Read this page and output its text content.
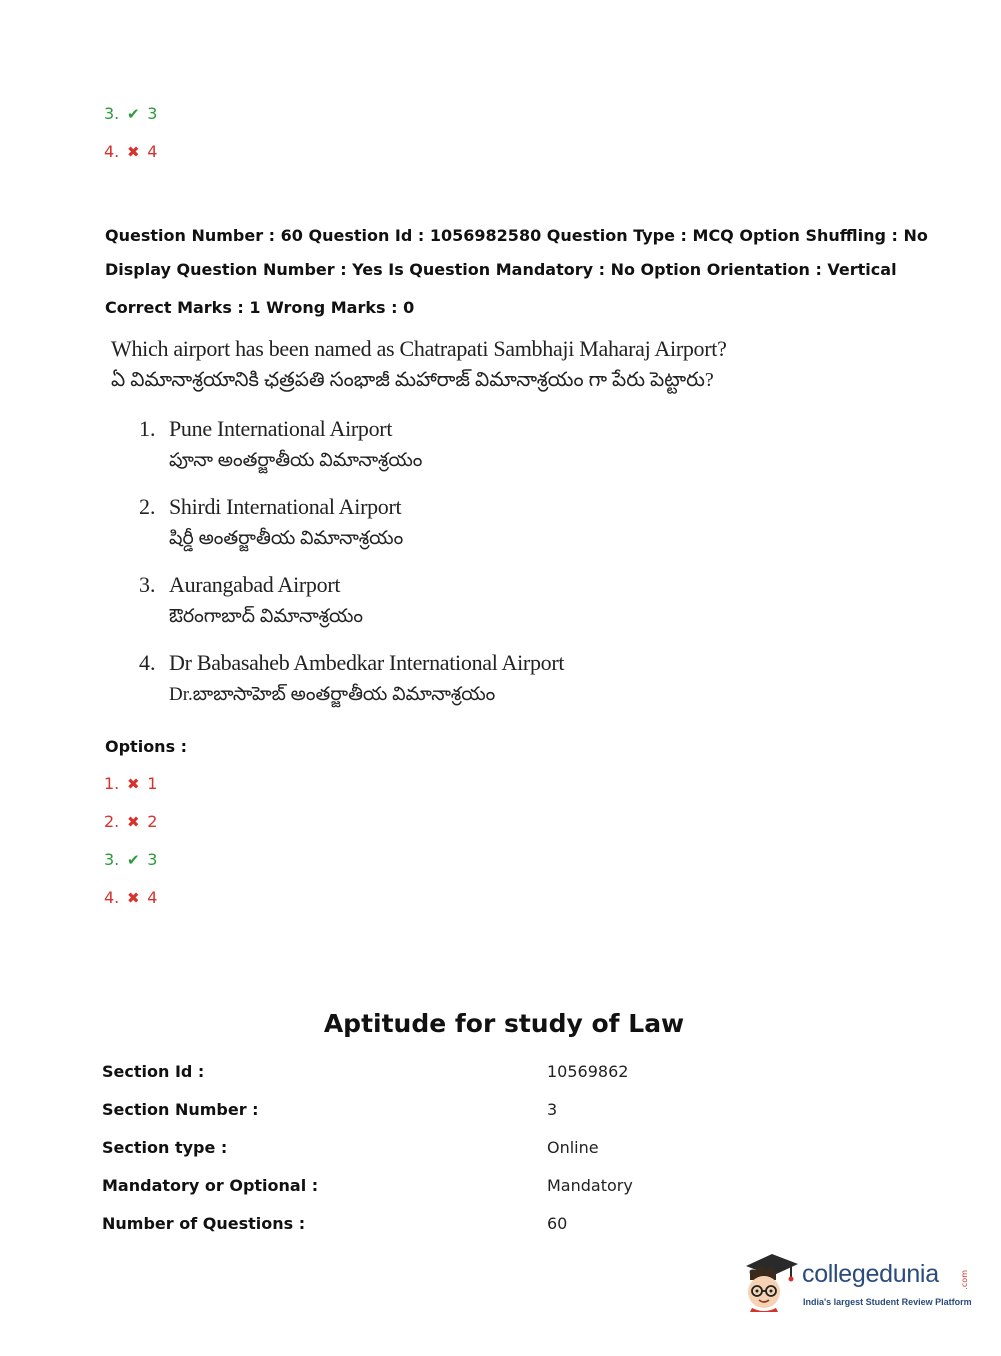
3. ✔ 3
4. ✖ 4
Question Number : 60 Question Id : 1056982580 Question Type : MCQ Option Shuffling : No
Display Question Number : Yes Is Question Mandatory : No Option Orientation : Vertical
Correct Marks : 1 Wrong Marks : 0
Which airport has been named as Chatrapati Sambhaji Maharaj Airport?
ఏ విమానాశ్రయానికి ఛత్రపతి సంభాజీ మహారాజ్ విమానాశ్రయం గా పేరు పెట్టారు?
1. Pune International Airport
పూనా అంతర్జాతీయ విమానాశ్రయం
2. Shirdi International Airport
షిర్డీ అంతర్జాతీయ విమానాశ్రయం
3. Aurangabad Airport
ఔరంగాబాద్ విమానాశ్రయం
4. Dr Babasaheb Ambedkar International Airport
Dr.బాబాసాహెబ్ అంతర్జాతీయ విమానాశ్రయం
Options :
1. ✖ 1
2. ✖ 2
3. ✔ 3
4. ✖ 4
Aptitude for study of Law
Section Id :	10569862
Section Number :	3
Section type :	Online
Mandatory or Optional :	Mandatory
Number of Questions :	60
collegedunia	.com
India's largest Student Review Platform
